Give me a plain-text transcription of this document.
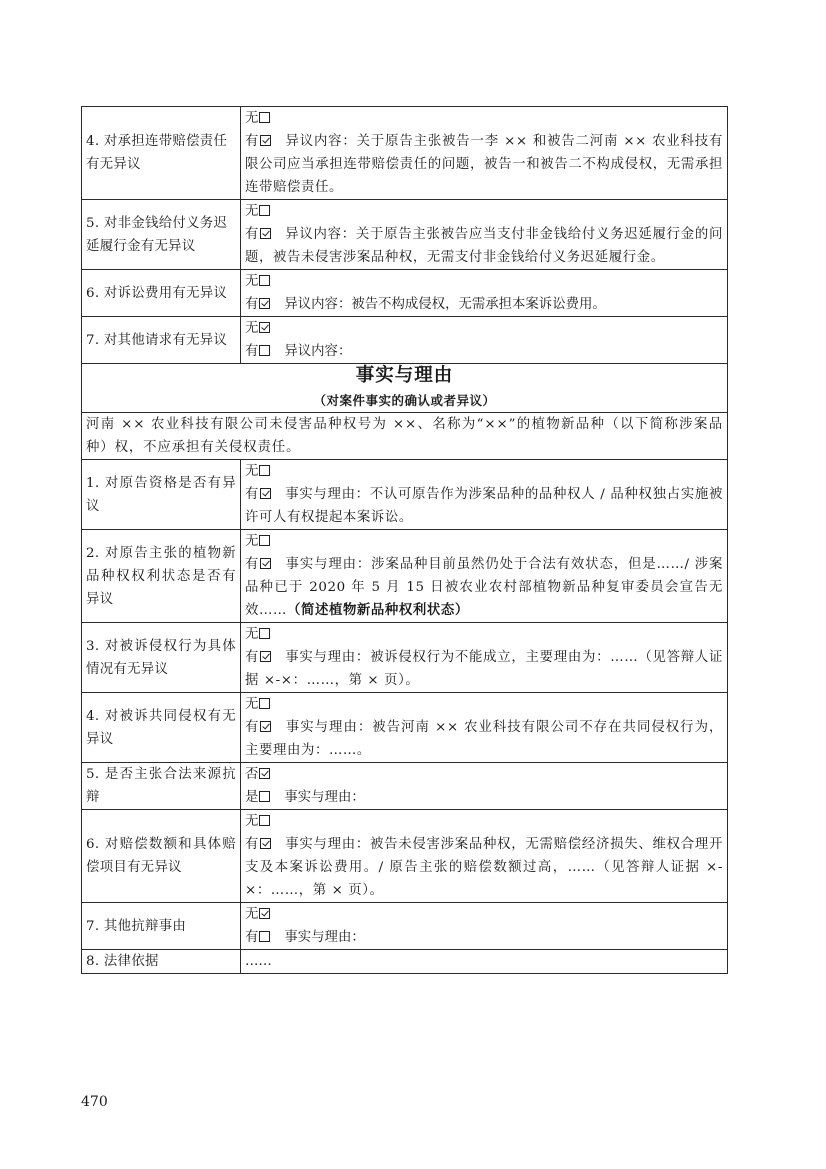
4. 对承担连带赔偿责任有无异议	无
有 异议内容：关于原告主张被告一李 ×× 和被告二河南 ×× 农业科技有限公司应当承担连带赔偿责任的问题，被告一和被告二不构成侵权，无需承担连带赔偿责任。

5. 对非金钱给付义务迟延履行金有无异议	无
有 异议内容：关于原告主张被告应当支付非金钱给付义务迟延履行金的问题，被告未侵害涉案品种权，无需支付非金钱给付义务迟延履行金。

6. 对诉讼费用有无异议	无
有 异议内容：被告不构成侵权，无需承担本案诉讼费用。

7. 对其他请求有无异议	无
有 异议内容：

事实与理由
（对案件事实的确认或者异议）	

河南 ×× 农业科技有限公司未侵害品种权号为 ××、名称为“××”的植物新品种（以下简称涉案品种）权，不应承担有关侵权责任。	
1. 对原告资格是否有异议	无
有 事实与理由：不认可原告作为涉案品种的品种权人 / 品种权独占实施被许可人有权提起本案诉讼。

2. 对原告主张的植物新品种权权利状态是否有异议	无
有 事实与理由：涉案品种目前虽然仍处于合法有效状态，但是……/ 涉案品种已于 2020 年 5 月 15 日被农业农村部植物新品种复审委员会宣告无效……（简述植物新品种权利状态）

3. 对被诉侵权行为具体情况有无异议	无
有 事实与理由：被诉侵权行为不能成立，主要理由为：……（见答辩人证据 ×-×：……，第 × 页）。

4. 对被诉共同侵权有无异议	无
有 事实与理由：被告河南 ×× 农业科技有限公司不存在共同侵权行为，主要理由为：……。

5. 是否主张合法来源抗辩	否
是 事实与理由：

6. 对赔偿数额和具体赔偿项目有无异议	无
有 事实与理由：被告未侵害涉案品种权，无需赔偿经济损失、维权合理开支及本案诉讼费用。/ 原告主张的赔偿数额过高，……（见答辩人证据 ×-×：……，第 × 页）。

7. 其他抗辩事由	无
有 事实与理由：

8. 法律依据	……
470
